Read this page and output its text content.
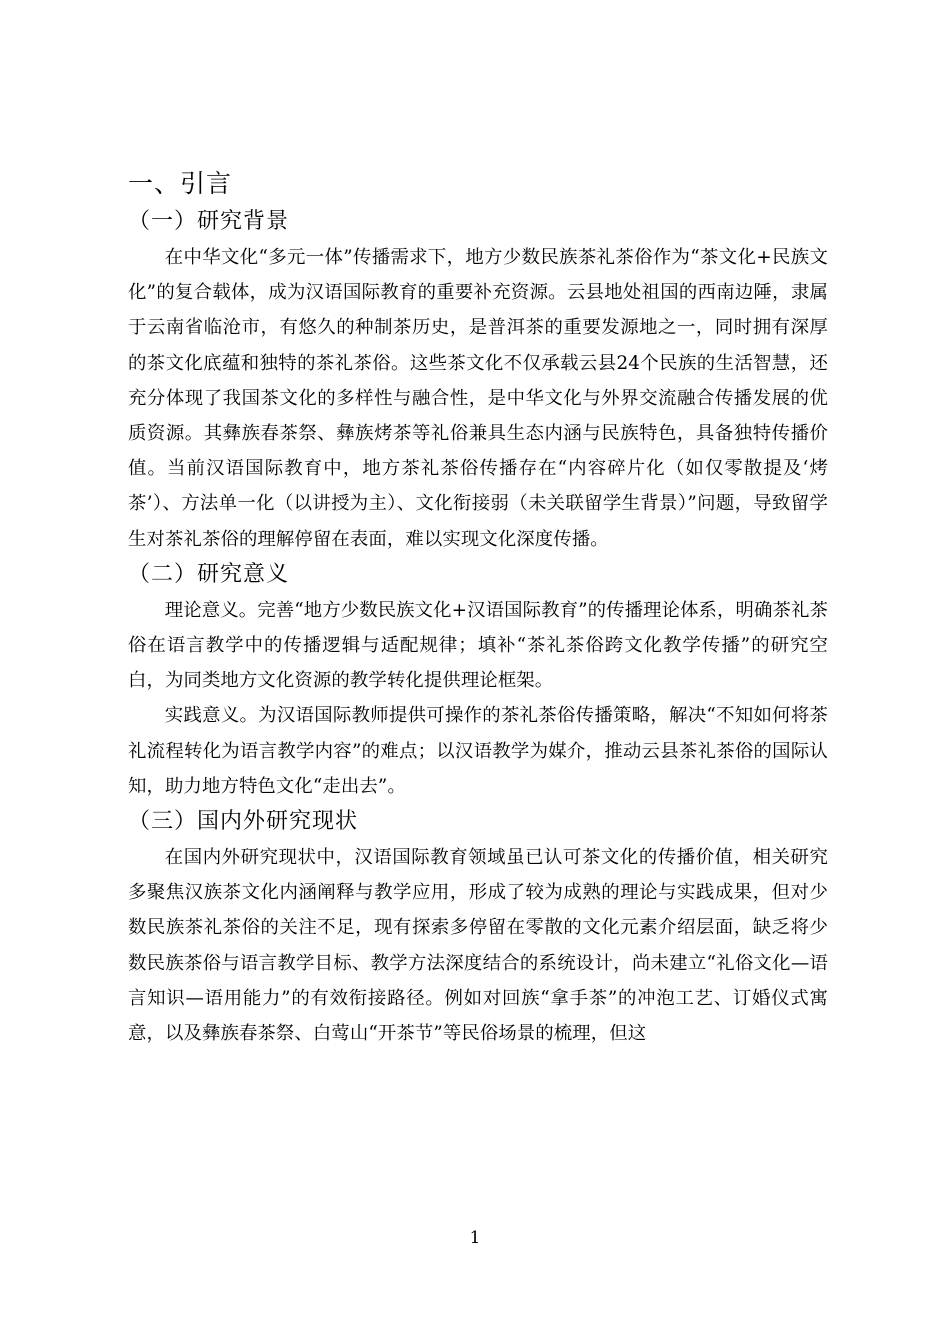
一、引言
（一）研究背景

在中华文化“多元一体”传播需求下，地方少数民族茶礼茶俗作为“茶文化+民族文化”的复合载体，成为汉语国际教育的重要补充资源。云县地处祖国的西南边陲，隶属于云南省临沧市，有悠久的种制茶历史，是普洱茶的重要发源地之一，同时拥有深厚的茶文化底蕴和独特的茶礼茶俗。这些茶文化不仅承载云县24个民族的生活智慧，还充分体现了我国茶文化的多样性与融合性，是中华文化与外界交流融合传播发展的优质资源。其彝族春茶祭、彝族烤茶等礼俗兼具生态内涵与民族特色，具备独特传播价值。当前汉语国际教育中，地方茶礼茶俗传播存在“内容碎片化（如仅零散提及‘烤茶’）、方法单一化（以讲授为主）、文化衔接弱（未关联留学生背景）”问题，导致留学生对茶礼茶俗的理解停留在表面，难以实现文化深度传播。

（二）研究意义

理论意义。完善“地方少数民族文化+汉语国际教育”的传播理论体系，明确茶礼茶俗在语言教学中的传播逻辑与适配规律；填补“茶礼茶俗跨文化教学传播”的研究空白，为同类地方文化资源的教学转化提供理论框架。

实践意义。为汉语国际教师提供可操作的茶礼茶俗传播策略，解决“不知如何将茶礼流程转化为语言教学内容”的难点；以汉语教学为媒介，推动云县茶礼茶俗的国际认知，助力地方特色文化“走出去”。

（三）国内外研究现状

在国内外研究现状中，汉语国际教育领域虽已认可茶文化的传播价值，相关研究多聚焦汉族茶文化内涵阐释与教学应用，形成了较为成熟的理论与实践成果，但对少数民族茶礼茶俗的关注不足，现有探索多停留在零散的文化元素介绍层面，缺乏将少数民族茶俗与语言教学目标、教学方法深度结合的系统设计，尚未建立“礼俗文化—语言知识—语用能力”的有效衔接路径。例如对回族“拿手茶”的冲泡工艺、订婚仪式寓意，以及彝族春茶祭、白莺山“开茶节”等民俗场景的梳理，但这

1
